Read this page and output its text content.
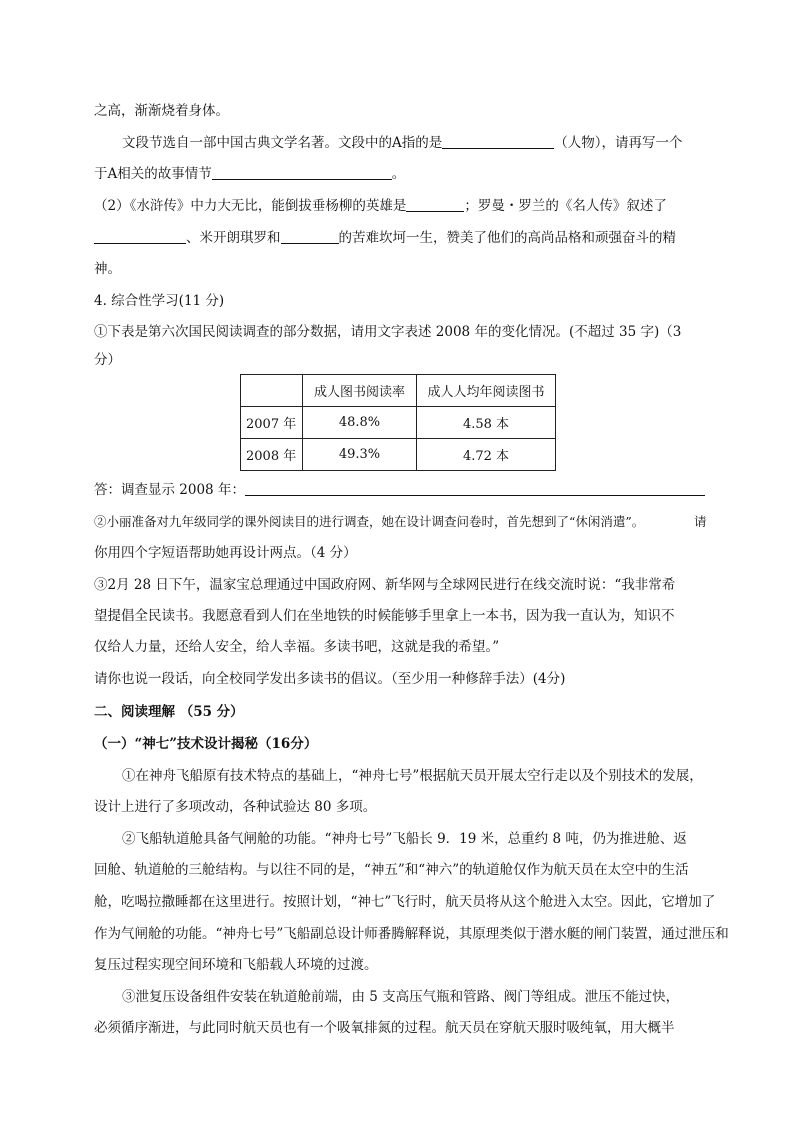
之高，渐渐烧着身体。
文段节选自一部中国古典文学名著。文段中的A指的是	（人物），请再写一个
于A相关的故事情节	。
（2）《水浒传》中力大无比，能倒拔垂杨柳的英雄是	；罗曼・罗兰的《名人传》叙述了
、米开朗琪罗和	的苦难坎坷一生，赞美了他们的高尚品格和顽强奋斗的精
神。
4. 综合性学习(11 分)
①下表是第六次国民阅读调查的部分数据，请用文字表述 2008 年的变化情况。(不超过 35 字)（3
分）
	成人图书阅读率	成人人均年阅读图书
2007 年	48.8%	4.58 本
2008 年	49.3%	4.72 本
答：调查显示 2008 年：
②小丽准备对九年级同学的课外阅读目的进行调查，她在设计调查问卷时，首先想到了“休闲消遣”。	请
你用四个字短语帮助她再设计两点。（4 分）
③2月 28 日下午，温家宝总理通过中国政府网、新华网与全球网民进行在线交流时说：“我非常希
望提倡全民读书。我愿意看到人们在坐地铁的时候能够手里拿上一本书，因为我一直认为，知识不
仅给人力量，还给人安全，给人幸福。多读书吧，这就是我的希望。”
请你也说一段话，向全校同学发出多读书的倡议。（至少用一种修辞手法）(4分)
二、阅读理解 （55 分）
（一）“神七”技术设计揭秘（16分）
①在神舟飞船原有技术特点的基础上，“神舟七号”根据航天员开展太空行走以及个别技术的发展，
设计上进行了多项改动，各种试验达 80 多项。
②飞船轨道舱具备气闸舱的功能。“神舟七号”飞船长 9．19 米，总重约 8 吨，仍为推进舱、返
回舱、轨道舱的三舱结构。与以往不同的是，“神五”和“神六”的轨道舱仅作为航天员在太空中的生活
舱，吃喝拉撒睡都在这里进行。按照计划，“神七”飞行时，航天员将从这个舱进入太空。因此，它增加了
作为气闸舱的功能。“神舟七号”飞船副总设计师番腾解释说，其原理类似于潜水艇的闸门装置，通过泄压和
复压过程实现空间环境和飞船载人环境的过渡。
③泄复压设备组件安装在轨道舱前端，由 5 支高压气瓶和管路、阀门等组成。泄压不能过快，
必须循序渐进，与此同时航天员也有一个吸氧排氮的过程。航天员在穿航天服时吸纯氧，用大概半
